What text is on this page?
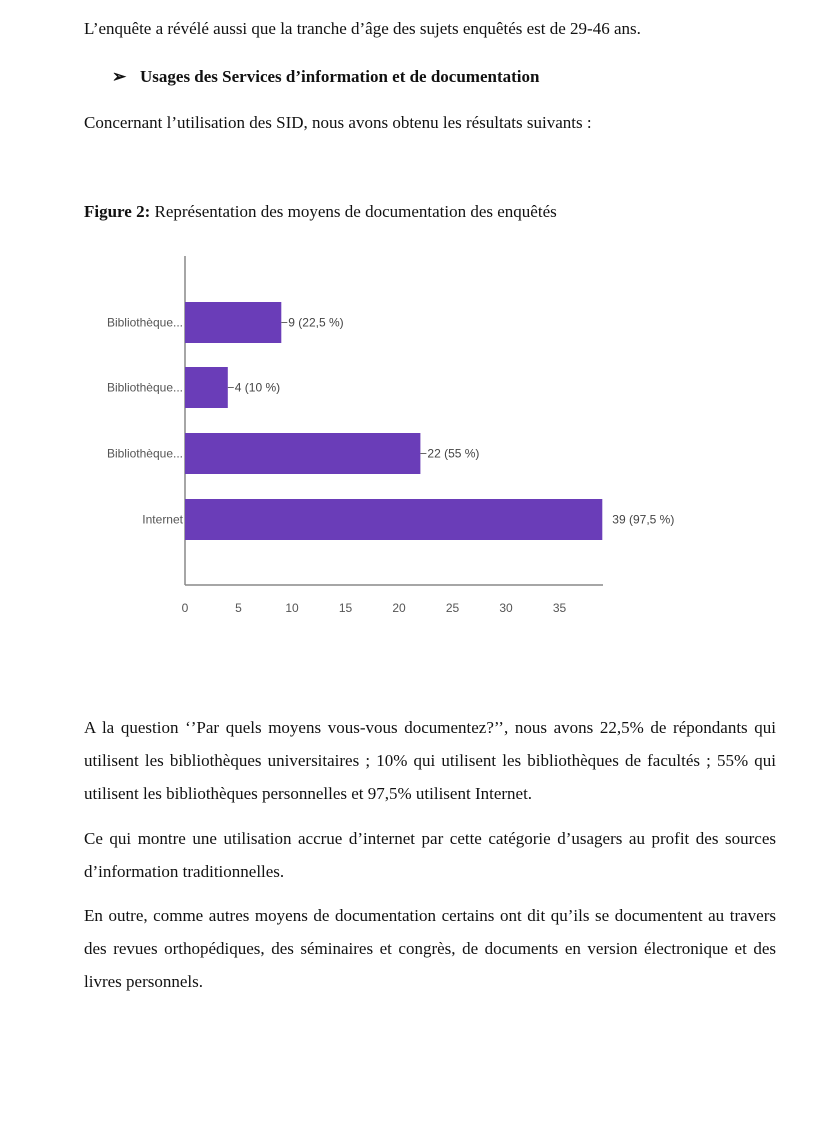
L’enquête a révélé aussi que la tranche d’âge des sujets enquêtés est de 29-46 ans.

➢ Usages des Services d’information et de documentation

Concernant l’utilisation des SID, nous avons obtenu les résultats suivants :

Figure 2: Représentation des moyens de documentation des enquêtés
Bibliothèque...	9 (22,5 %)
Bibliothèque...	4 (10 %)
Bibliothèque...	22 (55 %)
Internet	39 (97,5 %)
0	5	10	15	20	25	30	35

A la question ‘’Par quels moyens vous-vous documentez?’’, nous avons 22,5% de répondants qui utilisent les bibliothèques universitaires ; 10% qui utilisent les bibliothèques de facultés ; 55% qui utilisent les bibliothèques personnelles et 97,5% utilisent Internet.

Ce qui montre une utilisation accrue d’internet par cette catégorie d’usagers au profit des sources d’information traditionnelles.

En outre, comme autres moyens de documentation certains ont dit qu’ils se documentent au travers des revues orthopédiques, des séminaires et congrès, de documents en version électronique et des livres personnels.
